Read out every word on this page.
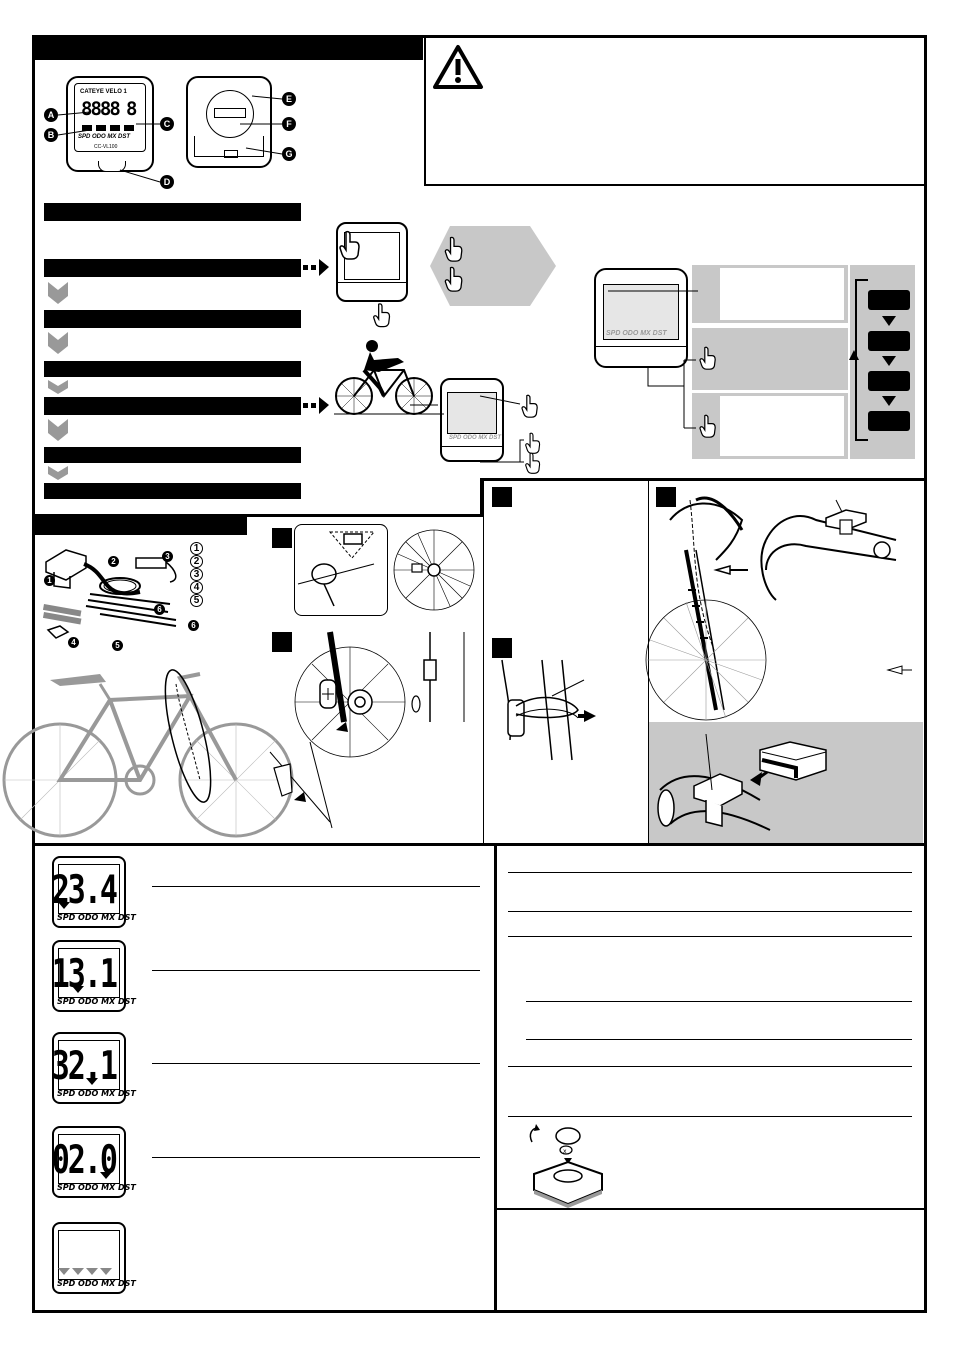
CATEYE VELO 1
8888 8
SPD ODO MX DST
CC-VL100
A
B
C
D
E
F
G
SPD ODO MX DST
SPD ODO MX DST
1
2
3
4	5
6
6
1
2
3
4
5
23.4
SPD ODO MX DST
13.1
SPD ODO MX DST
32.1
SPD ODO MX DST
02.0
SPD ODO MX DST
SPD ODO MX DST
x
